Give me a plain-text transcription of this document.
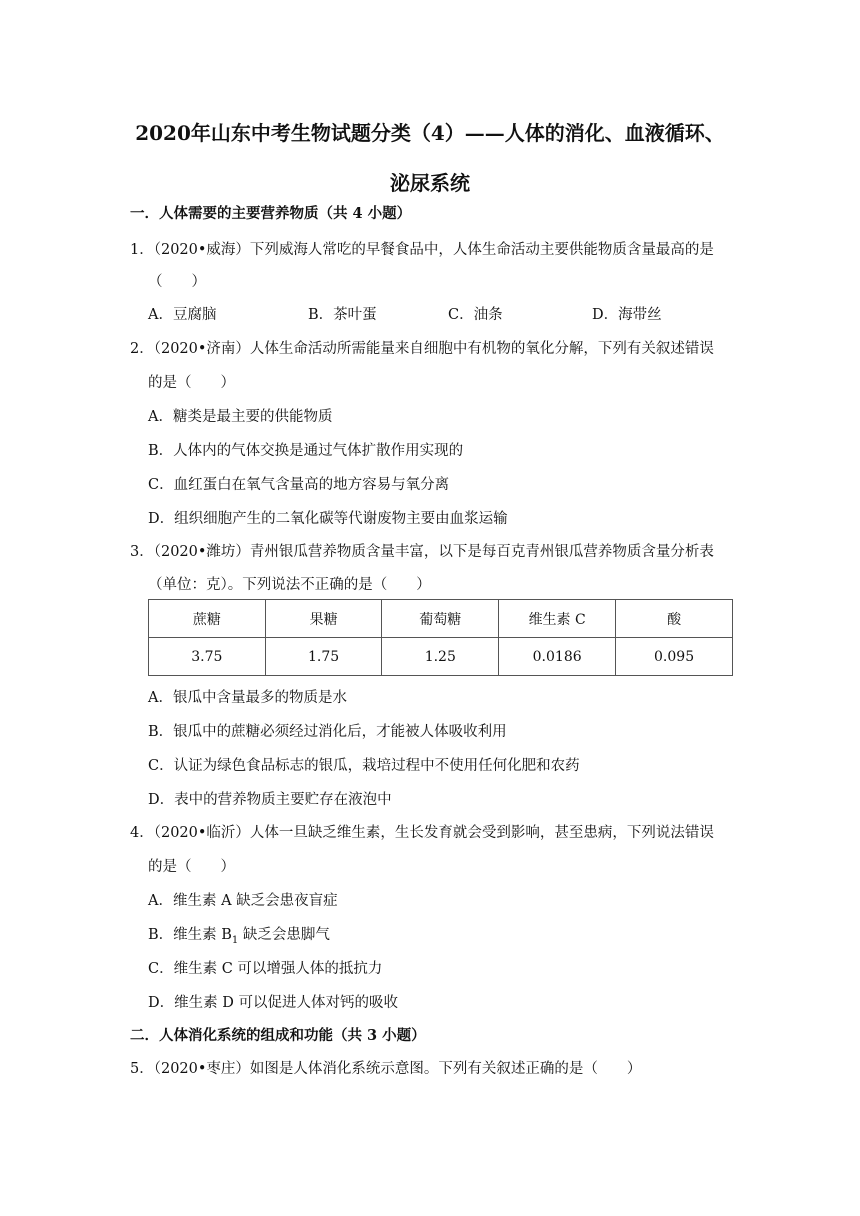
2020年山东中考生物试题分类（4）——人体的消化、血液循环、
泌尿系统
一．人体需要的主要营养物质（共 4 小题）
1．（2020•威海）下列威海人常吃的早餐食品中，人体生命活动主要供能物质含量最高的是
（　　）
A．豆腐脑	B．茶叶蛋	C．油条	D．海带丝
2．（2020•济南）人体生命活动所需能量来自细胞中有机物的氧化分解，下列有关叙述错误
的是（　　）
A．糖类是最主要的供能物质
B．人体内的气体交换是通过气体扩散作用实现的
C．血红蛋白在氧气含量高的地方容易与氧分离
D．组织细胞产生的二氧化碳等代谢废物主要由血浆运输
3．（2020•潍坊）青州银瓜营养物质含量丰富，以下是每百克青州银瓜营养物质含量分析表
（单位：克）。下列说法不正确的是（　　）
蔗糖	果糖	葡萄糖	维生素 C	酸
3.75	1.75	1.25	0.0186	0.095
A．银瓜中含量最多的物质是水
B．银瓜中的蔗糖必须经过消化后，才能被人体吸收利用
C．认证为绿色食品标志的银瓜，栽培过程中不使用任何化肥和农药
D．表中的营养物质主要贮存在液泡中
4．（2020•临沂）人体一旦缺乏维生素，生长发育就会受到影响，甚至患病，下列说法错误
的是（　　）
A．维生素 A 缺乏会患夜盲症
B．维生素 $B_1$ 缺乏会患脚气
C．维生素 C 可以增强人体的抵抗力
D．维生素 D 可以促进人体对钙的吸收
二．人体消化系统的组成和功能（共 3 小题）
5．（2020•枣庄）如图是人体消化系统示意图。下列有关叙述正确的是（　　）
